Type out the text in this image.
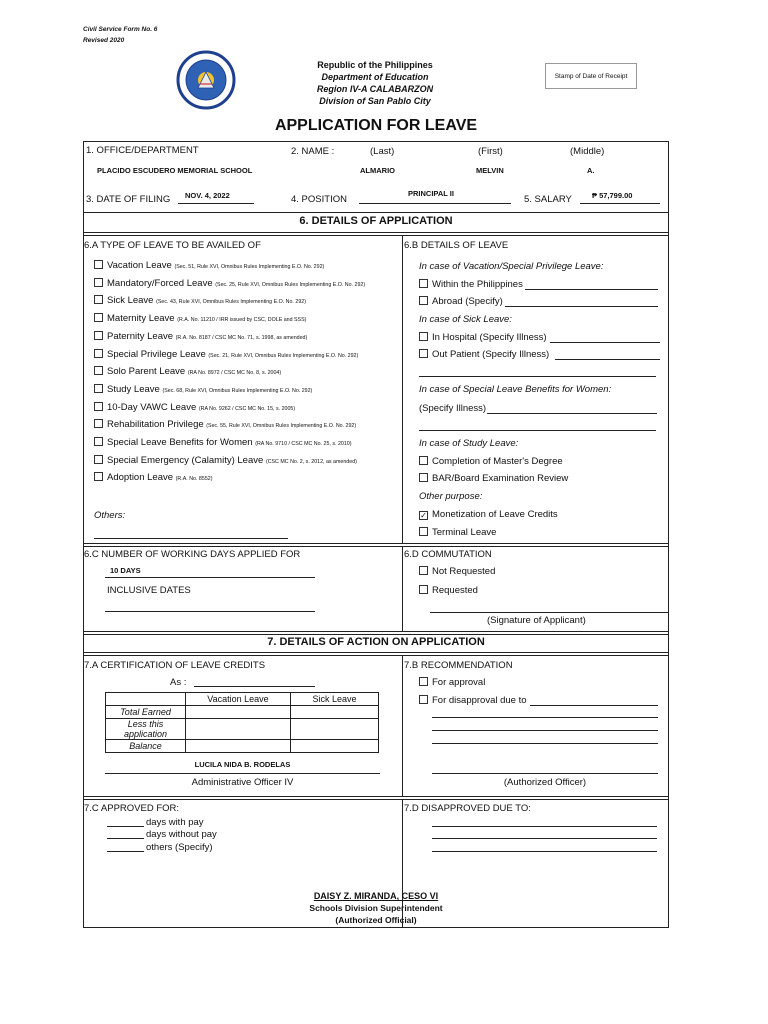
Civil Service Form No. 6
Revised 2020
Republic of the Philippines
Department of Education
Region IV-A CALABARZON
Division of San Pablo City
Stamp of Date of Receipt
APPLICATION FOR LEAVE
1. OFFICE/DEPARTMENT
PLACIDO ESCUDERO MEMORIAL SCHOOL
2. NAME :	(Last)	(First)	(Middle)
ALMARIO	MELVIN	A.
3. DATE OF FILING NOV. 4, 2022	4. POSITION
PRINCIPAL II
5. SALARY	₱ 57,799.00
6. DETAILS OF APPLICATION
6.A TYPE OF LEAVE TO BE AVAILED OF
Vacation Leave (Sec. 51, Rule XVI, Omnibus Rules Implementing E.O. No. 292)
Mandatory/Forced Leave (Sec. 25, Rule XVI, Omnibus Rules Implementing E.O. No. 292)
Sick Leave (Sec. 43, Rule XVI, Omnibus Rules Implementing E.O. No. 292)
Maternity Leave (R.A. No. 11210 / IRR issued by CSC, DOLE and SSS)
Paternity Leave (R.A. No. 8187 / CSC MC No. 71, s. 1998, as amended)
Special Privilege Leave (Sec. 21, Rule XVI, Omnibus Rules Implementing E.O. No. 292)
Solo Parent Leave (RA No. 8972 / CSC MC No. 8, s. 2004)
Study Leave (Sec. 68, Rule XVI, Omnibus Rules Implementing E.O. No. 292)
10-Day VAWC Leave (RA No. 9262 / CSC MC No. 15, s. 2005)
Rehabilitation Privilege (Sec. 55, Rule XVI, Omnibus Rules Implementing E.O. No. 292)
Special Leave Benefits for Women (RA No. 9710 / CSC MC No. 25, s. 2010)
Special Emergency (Calamity) Leave (CSC MC No. 2, s. 2012, as amended)
Adoption Leave (R.A. No. 8552)
Others:
6.B DETAILS OF LEAVE
In case of Vacation/Special Privilege Leave:
Within the Philippines
Abroad (Specify)
In case of Sick Leave:
In Hospital (Specify Illness)
Out Patient (Specify Illness)
In case of Special Leave Benefits for Women:
(Specify Illness)
In case of Study Leave:
Completion of Master's Degree
BAR/Board Examination Review
Other purpose:
✓ Monetization of Leave Credits
Terminal Leave
6.C NUMBER OF WORKING DAYS APPLIED FOR
10 DAYS
INCLUSIVE DATES
6.D COMMUTATION
Not Requested
Requested
(Signature of Applicant)
7. DETAILS OF ACTION ON APPLICATION
7.A CERTIFICATION OF LEAVE CREDITS
As :
	Vacation Leave	Sick Leave
Total Earned		
Less this application		
Balance		
LUCILA NIDA B. RODELAS
Administrative Officer IV
7.B RECOMMENDATION
For approval
For disapproval due to
(Authorized Officer)
7.C APPROVED FOR:
days with pay
days without pay
others (Specify)
7.D DISAPPROVED DUE TO:
DAISY Z. MIRANDA, CESO VI
Schools Division Superintendent
(Authorized Official)
